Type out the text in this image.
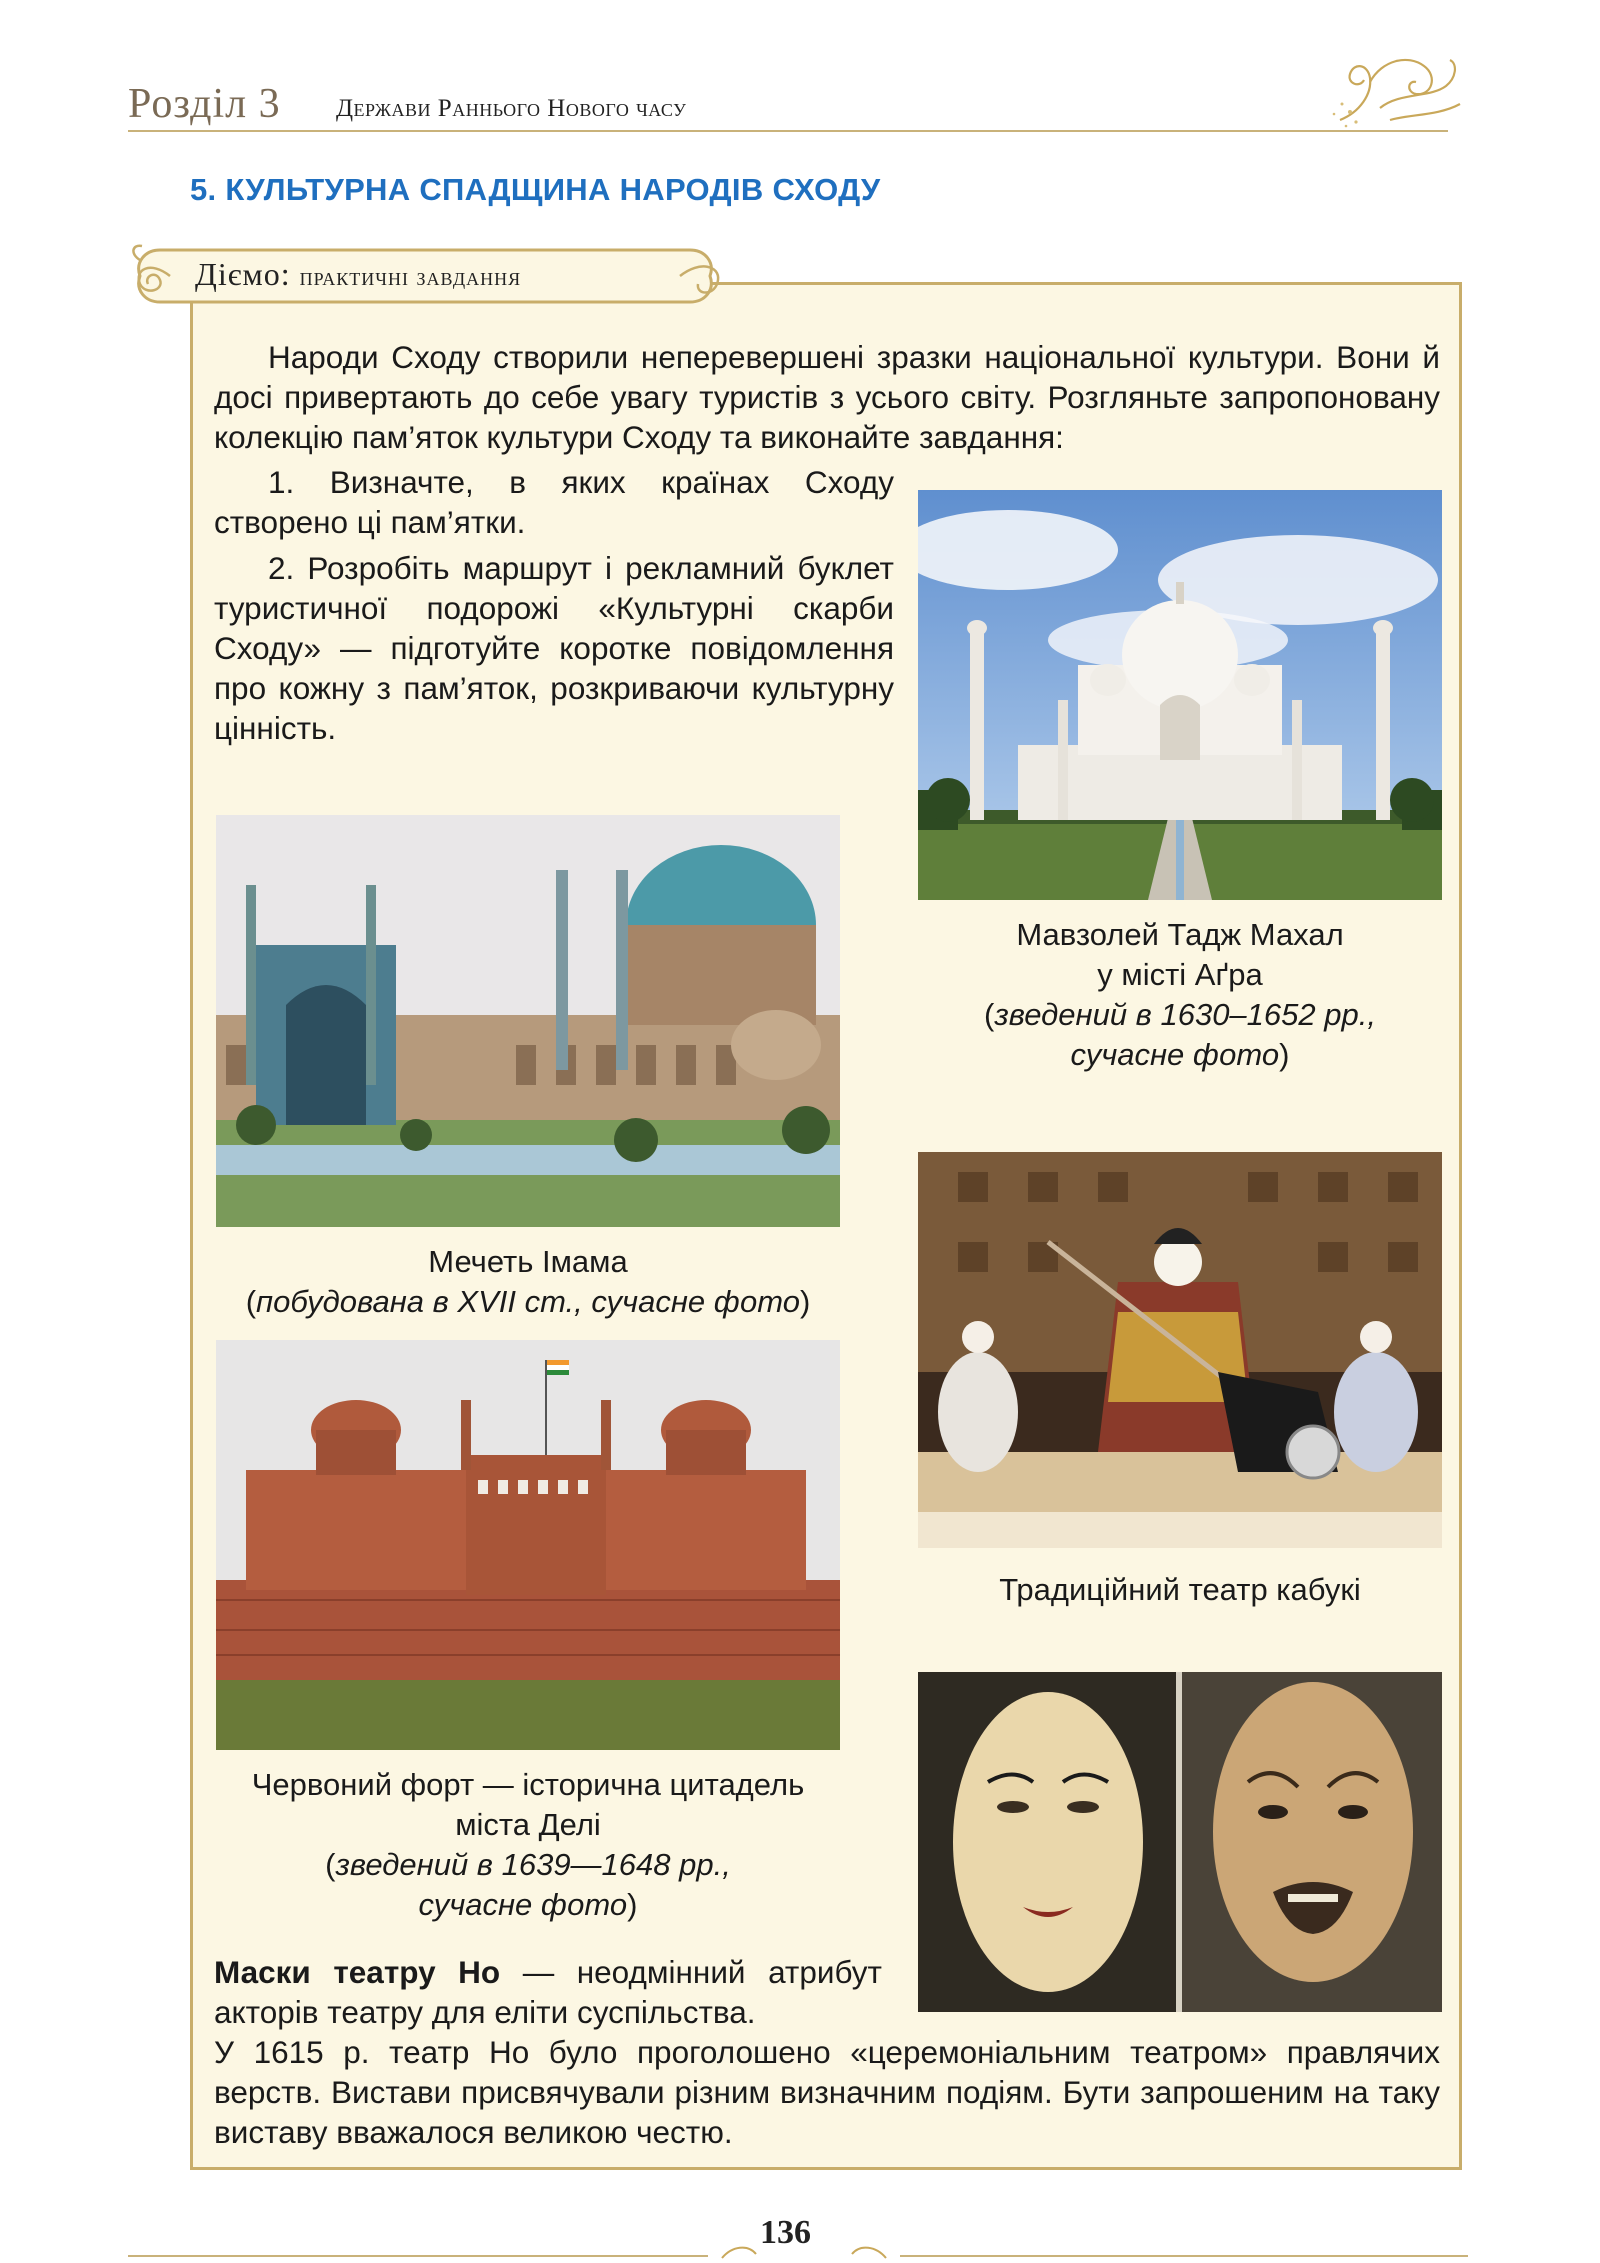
Розділ 3 Держави Раннього Нового часу
5. КУЛЬТУРНА СПАДЩИНА НАРОДІВ СХОДУ
Діємо: практичні завдання
Народи Сходу створили неперевершені зразки національної культури. Вони й досі привертають до себе увагу туристів з усього світу. Розгляньте запропоновану колекцію пам’яток культури Сходу та виконайте завдання:
1. Визначте, в яких країнах Сходу створено ці пам’ятки.
2. Розробіть маршрут і рекламний буклет туристичної подорожі «Культурні скарби Сходу» — підготуйте коротке повідомлення про кожну з пам’яток, розкриваючи культурну цінність.
Мавзолей Тадж Махал
у місті Аґра
(зведений в 1630–1652 рр.,
сучасне фото)
Мечеть Імама
(побудована в XVII ст., сучасне фото)
Традиційний театр кабукі
Червоний форт — історична цитадель
міста Делі
(зведений в 1639—1648 рр.,
сучасне фото)
Маски театру Но — неодмінний атрибут акторів театру для еліти суспільства.
У 1615 р. театр Но було проголошено «церемоніальним театром» правлячих верств. Вистави присвячували різним визначним подіям. Бути запрошеним на таку виставу вважалося великою честю.
136
